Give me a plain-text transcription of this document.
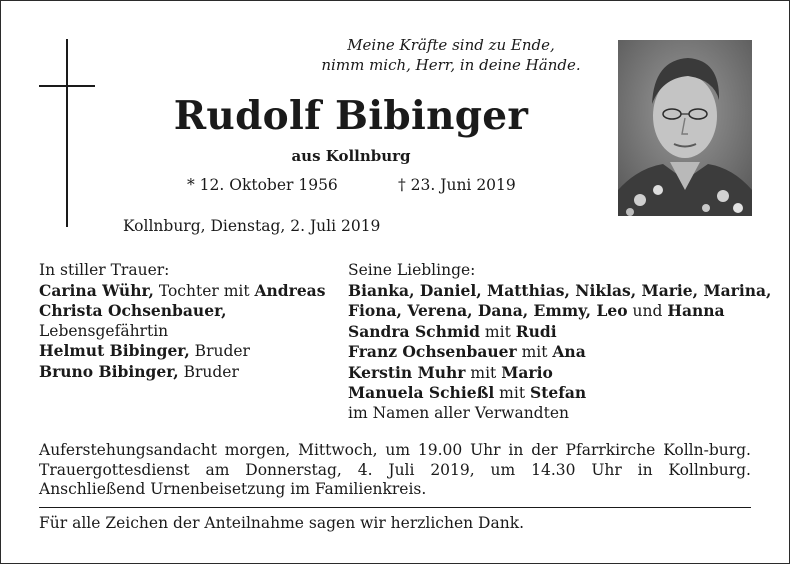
Meine Kräfte sind zu Ende,
nimm mich, Herr, in deine Hände.
Rudolf Bibinger
aus Kollnburg
* 12. Oktober 1956	† 23. Juni 2019
Kollnburg, Dienstag, 2. Juli 2019
In stiller Trauer:
Carina Wühr, Tochter mit Andreas
Christa Ochsenbauer,
Lebensgefährtin
Helmut Bibinger, Bruder
Bruno Bibinger, Bruder
Seine Lieblinge:
Bianka, Daniel, Matthias, Niklas, Marie, Marina,
Fiona, Verena, Dana, Emmy, Leo und Hanna
Sandra Schmid mit Rudi
Franz Ochsenbauer mit Ana
Kerstin Muhr mit Mario
Manuela Schießl mit Stefan
im Namen aller Verwandten
Auferstehungsandacht morgen, Mittwoch, um 19.00 Uhr in der Pfarrkirche Kolln-burg. Trauergottesdienst am Donnerstag, 4. Juli 2019, um 14.30 Uhr in Kollnburg. Anschließend Urnenbeisetzung im Familienkreis.
Für alle Zeichen der Anteilnahme sagen wir herzlichen Dank.
